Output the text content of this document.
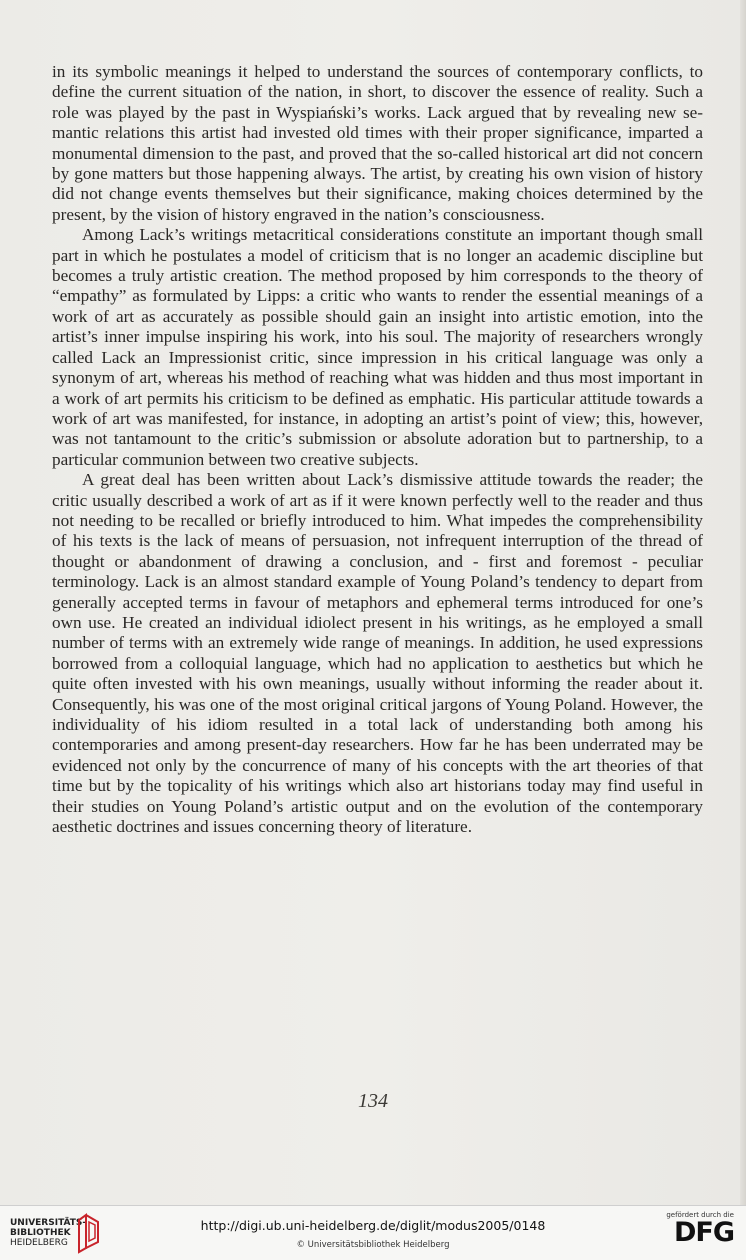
in its symbolic meanings it helped to understand the sources of contemporary conflicts, to define the current situation of the nation, in short, to discover the essence of reality. Such a role was played by the past in Wyspiański’s works. Lack argued that by revealing new semantic relations this artist had invested old times with their proper significance, imparted a monumental dimension to the past, and proved that the so-called historical art did not concern by gone matters but those happening always. The artist, by creating his own vision of history did not change events themselves but their significance, making choices determined by the present, by the vision of history engraved in the nation’s consciousness.

Among Lack’s writings metacritical considerations constitute an important though small part in which he postulates a model of criticism that is no longer an academic discipline but becomes a truly artistic creation. The method proposed by him corresponds to the theory of “empathy” as formulated by Lipps: a critic who wants to render the essential meanings of a work of art as accurately as possible should gain an insight into artistic emotion, into the artist’s inner impulse inspiring his work, into his soul. The majority of researchers wrongly called Lack an Impressionist critic, since impression in his critical language was only a synonym of art, whereas his method of reaching what was hidden and thus most important in a work of art permits his criticism to be defined as emphatic. His particular attitude towards a work of art was manifested, for instance, in adopting an artist’s point of view; this, however, was not tantamount to the critic’s submission or absolute adoration but to partnership, to a particular communion between two creative subjects.

A great deal has been written about Lack’s dismissive attitude towards the reader; the critic usually described a work of art as if it were known perfectly well to the reader and thus not needing to be recalled or briefly introduced to him. What impedes the comprehensibility of his texts is the lack of means of persuasion, not infrequent interruption of the thread of thought or abandonment of drawing a conclusion, and - first and foremost - peculiar terminology. Lack is an almost standard example of Young Poland’s tendency to depart from generally accepted terms in favour of metaphors and ephemeral terms introduced for one’s own use. He created an individual idiolect present in his writings, as he employed a small number of terms with an extremely wide range of meanings. In addition, he used expressions borrowed from a colloquial language, which had no application to aesthetics but which he quite often invested with his own meanings, usually without informing the reader about it. Consequently, his was one of the most original critical jargons of Young Poland. However, the individuality of his idiom resulted in a total lack of understanding both among his contemporaries and among present-day researchers. How far he has been underrated may be evidenced not only by the concurrence of many of his concepts with the art theories of that time but by the topicality of his writings which also art historians today may find useful in their studies on Young Poland’s artistic output and on the evolution of the contemporary aesthetic doctrines and issues concerning theory of literature.

134
UNIVERSITÄTS-
BIBLIOTHEK
HEIDELBERG
http://digi.ub.uni-heidelberg.de/diglit/modus2005/0148
© Universitätsbibliothek Heidelberg
gefördert durch die
DFG
